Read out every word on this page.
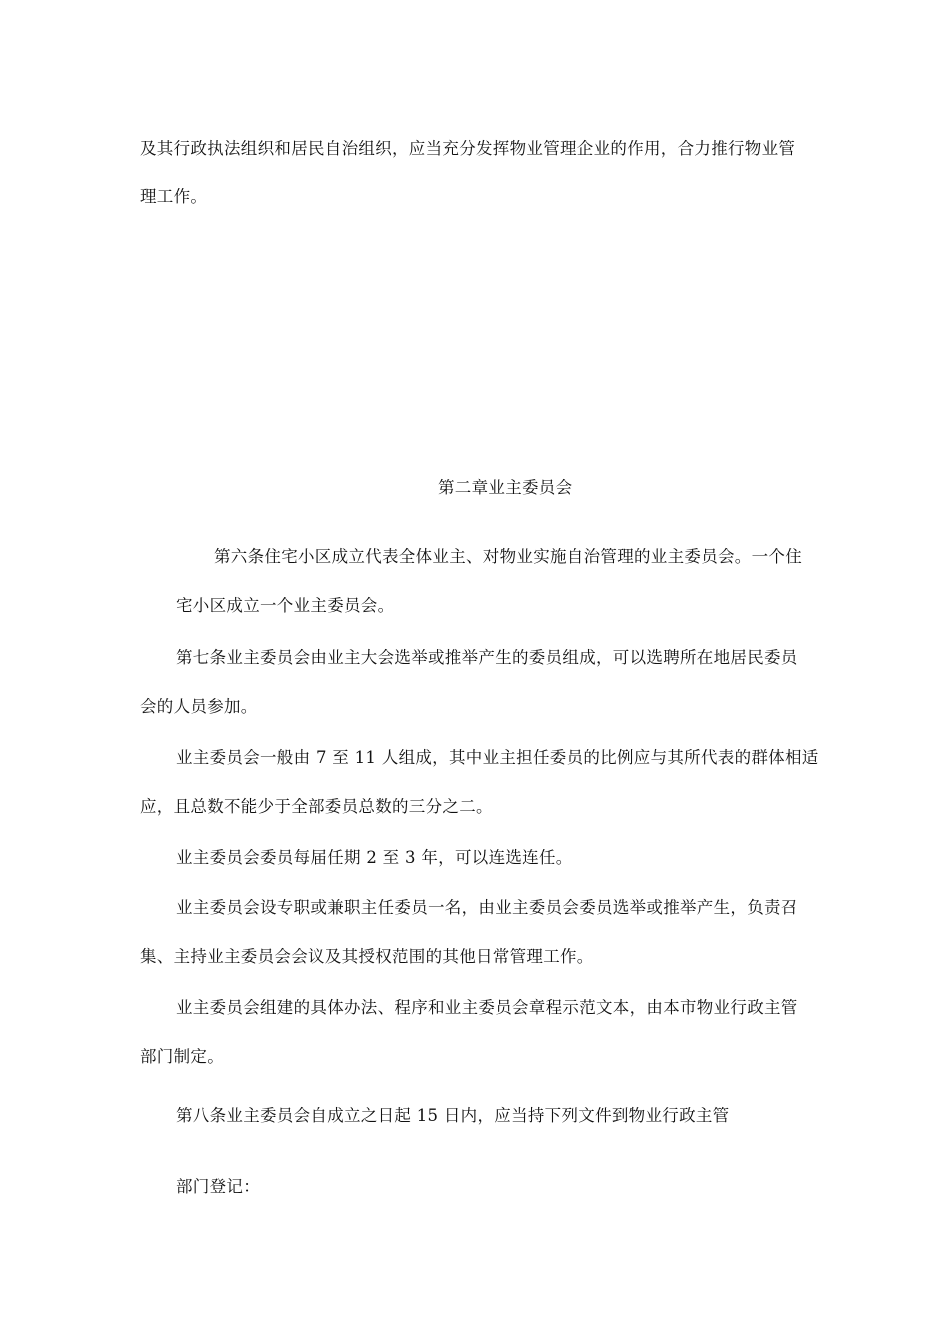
及其行政执法组织和居民自治组织，应当充分发挥物业管理企业的作用，合力推行物业管
理工作。
第二章业主委员会
第六条住宅小区成立代表全体业主、对物业实施自治管理的业主委员会。一个住
宅小区成立一个业主委员会。
第七条业主委员会由业主大会选举或推举产生的委员组成，可以选聘所在地居民委员
会的人员参加。
业主委员会一般由 7 至 11 人组成，其中业主担任委员的比例应与其所代表的群体相适
应，且总数不能少于全部委员总数的三分之二。
业主委员会委员每届任期 2 至 3 年，可以连选连任。
业主委员会设专职或兼职主任委员一名，由业主委员会委员选举或推举产生，负责召
集、主持业主委员会会议及其授权范围的其他日常管理工作。
业主委员会组建的具体办法、程序和业主委员会章程示范文本，由本市物业行政主管
部门制定。
第八条业主委员会自成立之日起 15 日内，应当持下列文件到物业行政主管
部门登记：
